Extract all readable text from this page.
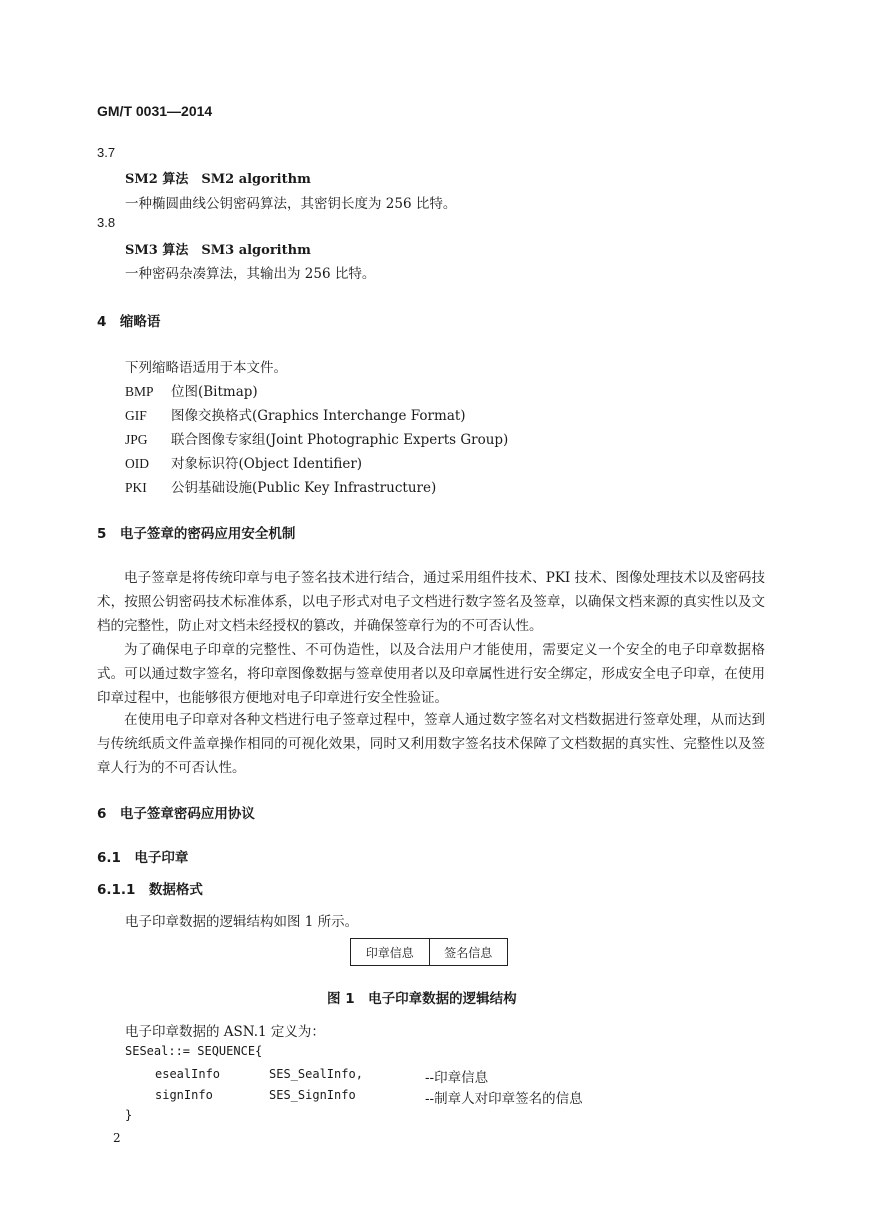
GM/T 0031—2014
3.7
SM2 算法　SM2 algorithm
一种椭圆曲线公钥密码算法，其密钥长度为 256 比特。
3.8
SM3 算法　SM3 algorithm
一种密码杂凑算法，其输出为 256 比特。
4　缩略语
下列缩略语适用于本文件。
BMP 位图(Bitmap)
GIF 图像交换格式(Graphics Interchange Format)
JPG 联合图像专家组(Joint Photographic Experts Group)
OID 对象标识符(Object Identifier)
PKI 公钥基础设施(Public Key Infrastructure)
5　电子签章的密码应用安全机制
电子签章是将传统印章与电子签名技术进行结合，通过采用组件技术、PKI 技术、图像处理技术以及密码技术，按照公钥密码技术标准体系，以电子形式对电子文档进行数字签名及签章，以确保文档来源的真实性以及文档的完整性，防止对文档未经授权的篡改，并确保签章行为的不可否认性。
为了确保电子印章的完整性、不可伪造性，以及合法用户才能使用，需要定义一个安全的电子印章数据格式。可以通过数字签名，将印章图像数据与签章使用者以及印章属性进行安全绑定，形成安全电子印章，在使用印章过程中，也能够很方便地对电子印章进行安全性验证。
在使用电子印章对各种文档进行电子签章过程中，签章人通过数字签名对文档数据进行签章处理，从而达到与传统纸质文件盖章操作相同的可视化效果，同时又利用数字签名技术保障了文档数据的真实性、完整性以及签章人行为的不可否认性。
6　电子签章密码应用协议
6.1　电子印章
6.1.1　数据格式
电子印章数据的逻辑结构如图 1 所示。
印章信息	签名信息
图 1　电子印章数据的逻辑结构
电子印章数据的 ASN.1 定义为：
SESeal::= SEQUENCE{
esealInfo	SES_SealInfo,	--印章信息
signInfo	SES_SignInfo	--制章人对印章签名的信息
}
2
